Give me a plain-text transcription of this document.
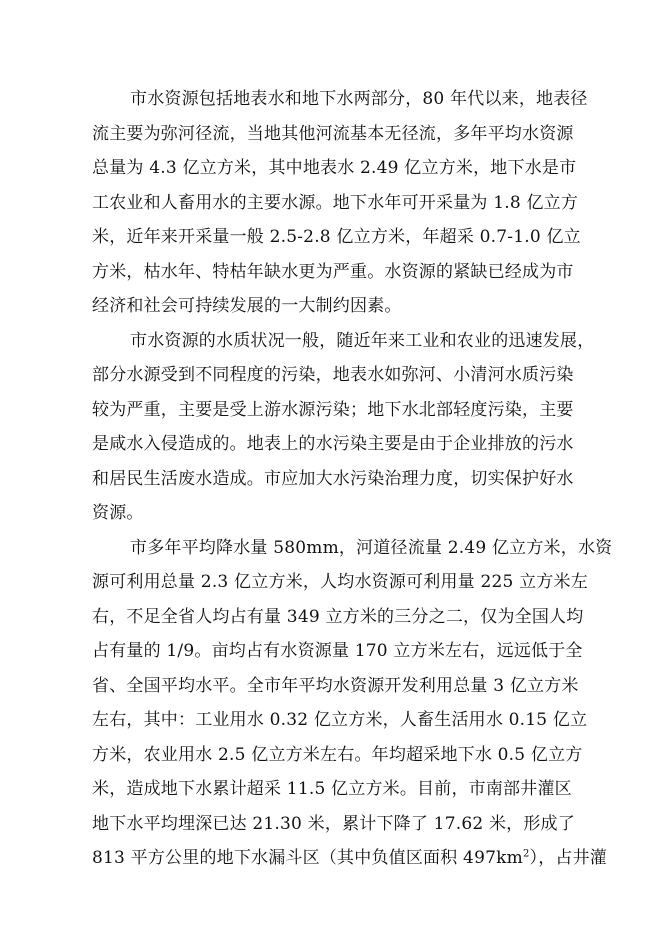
市水资源包括地表水和地下水两部分，80 年代以来，地表径
流主要为弥河径流，当地其他河流基本无径流，多年平均水资源
总量为 4.3 亿立方米，其中地表水 2.49 亿立方米，地下水是市
工农业和人畜用水的主要水源。地下水年可开采量为 1.8 亿立方
米，近年来开采量一般 2.5-2.8 亿立方米，年超采 0.7-1.0 亿立
方米，枯水年、特枯年缺水更为严重。水资源的紧缺已经成为市
经济和社会可持续发展的一大制约因素。

市水资源的水质状况一般，随近年来工业和农业的迅速发展，
部分水源受到不同程度的污染，地表水如弥河、小清河水质污染
较为严重，主要是受上游水源污染；地下水北部轻度污染，主要
是咸水入侵造成的。地表上的水污染主要是由于企业排放的污水
和居民生活废水造成。市应加大水污染治理力度，切实保护好水
资源。

市多年平均降水量 580mm，河道径流量 2.49 亿立方米，水资
源可利用总量 2.3 亿立方米，人均水资源可利用量 225 立方米左
右，不足全省人均占有量 349 立方米的三分之二，仅为全国人均
占有量的 1/9。亩均占有水资源量 170 立方米左右，远远低于全
省、全国平均水平。全市年平均水资源开发利用总量 3 亿立方米
左右，其中：工业用水 0.32 亿立方米，人畜生活用水 0.15 亿立
方米，农业用水 2.5 亿立方米左右。年均超采地下水 0.5 亿立方
米，造成地下水累计超采 11.5 亿立方米。目前，市南部井灌区
地下水平均埋深已达 21.30 米，累计下降了 17.62 米，形成了
813 平方公里的地下水漏斗区（其中负值区面积 $497km^2$），占井灌
